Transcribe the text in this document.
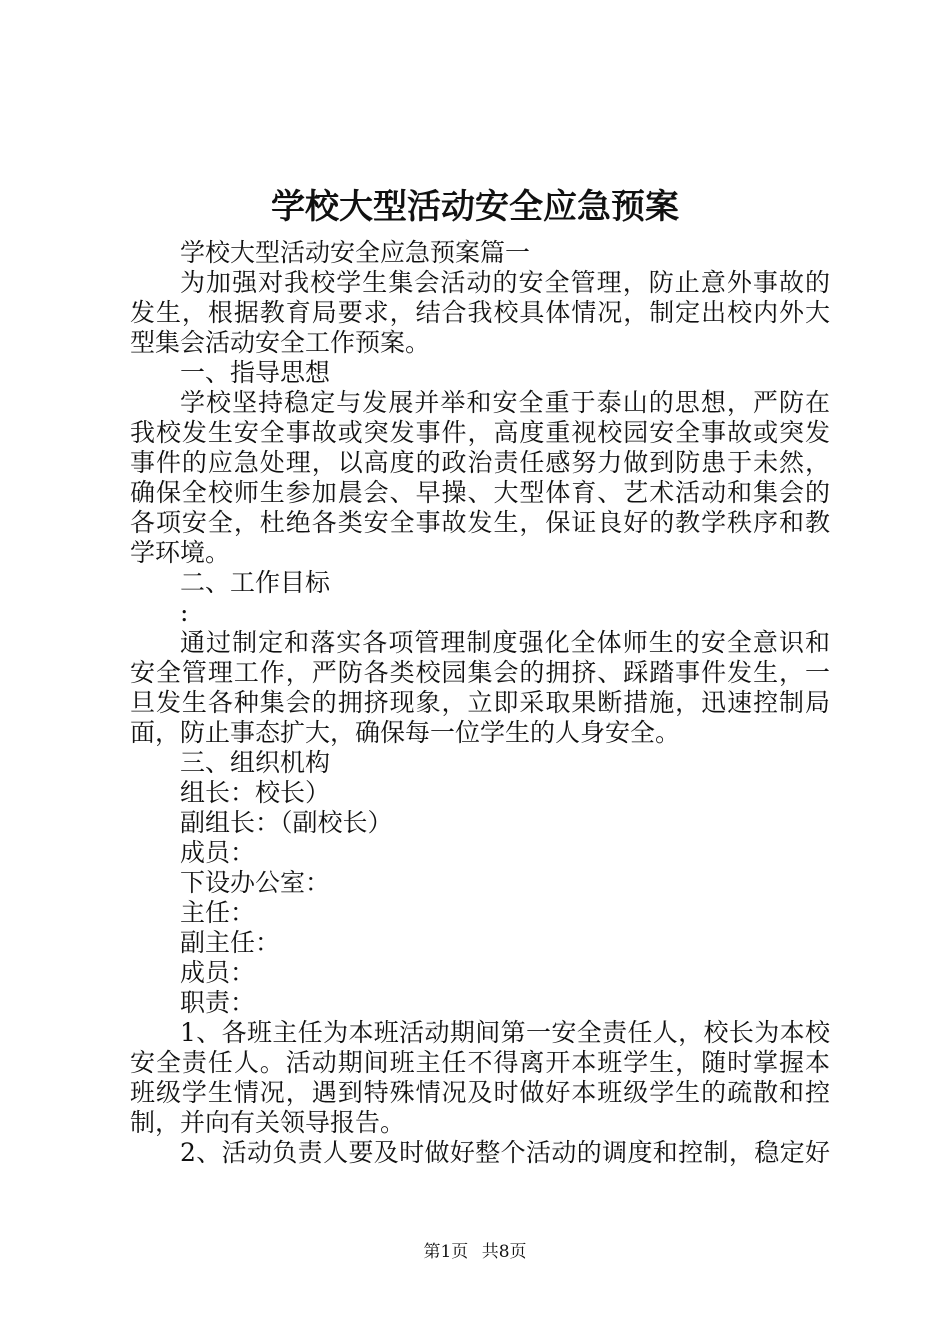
学校大型活动安全应急预案
学校大型活动安全应急预案篇一
为加强对我校学生集会活动的安全管理，防止意外事故的
发生，根据教育局要求，结合我校具体情况，制定出校内外大
型集会活动安全工作预案。
一、指导思想
学校坚持稳定与发展并举和安全重于泰山的思想，严防在
我校发生安全事故或突发事件，高度重视校园安全事故或突发
事件的应急处理，以高度的政治责任感努力做到防患于未然，
确保全校师生参加晨会、早操、大型体育、艺术活动和集会的
各项安全，杜绝各类安全事故发生，保证良好的教学秩序和教
学环境。
二、工作目标
:
通过制定和落实各项管理制度强化全体师生的安全意识和
安全管理工作，严防各类校园集会的拥挤、踩踏事件发生，一
旦发生各种集会的拥挤现象，立即采取果断措施，迅速控制局
面，防止事态扩大，确保每一位学生的人身安全。
三、组织机构
组长：校长）
副组长：（副校长）
成员：
下设办公室：
主任：
副主任：
成员：
职责：
1、各班主任为本班活动期间第一安全责任人，校长为本校
安全责任人。活动期间班主任不得离开本班学生，随时掌握本
班级学生情况，遇到特殊情况及时做好本班级学生的疏散和控
制，并向有关领导报告。
2、活动负责人要及时做好整个活动的调度和控制，稳定好
第1页 共8页
